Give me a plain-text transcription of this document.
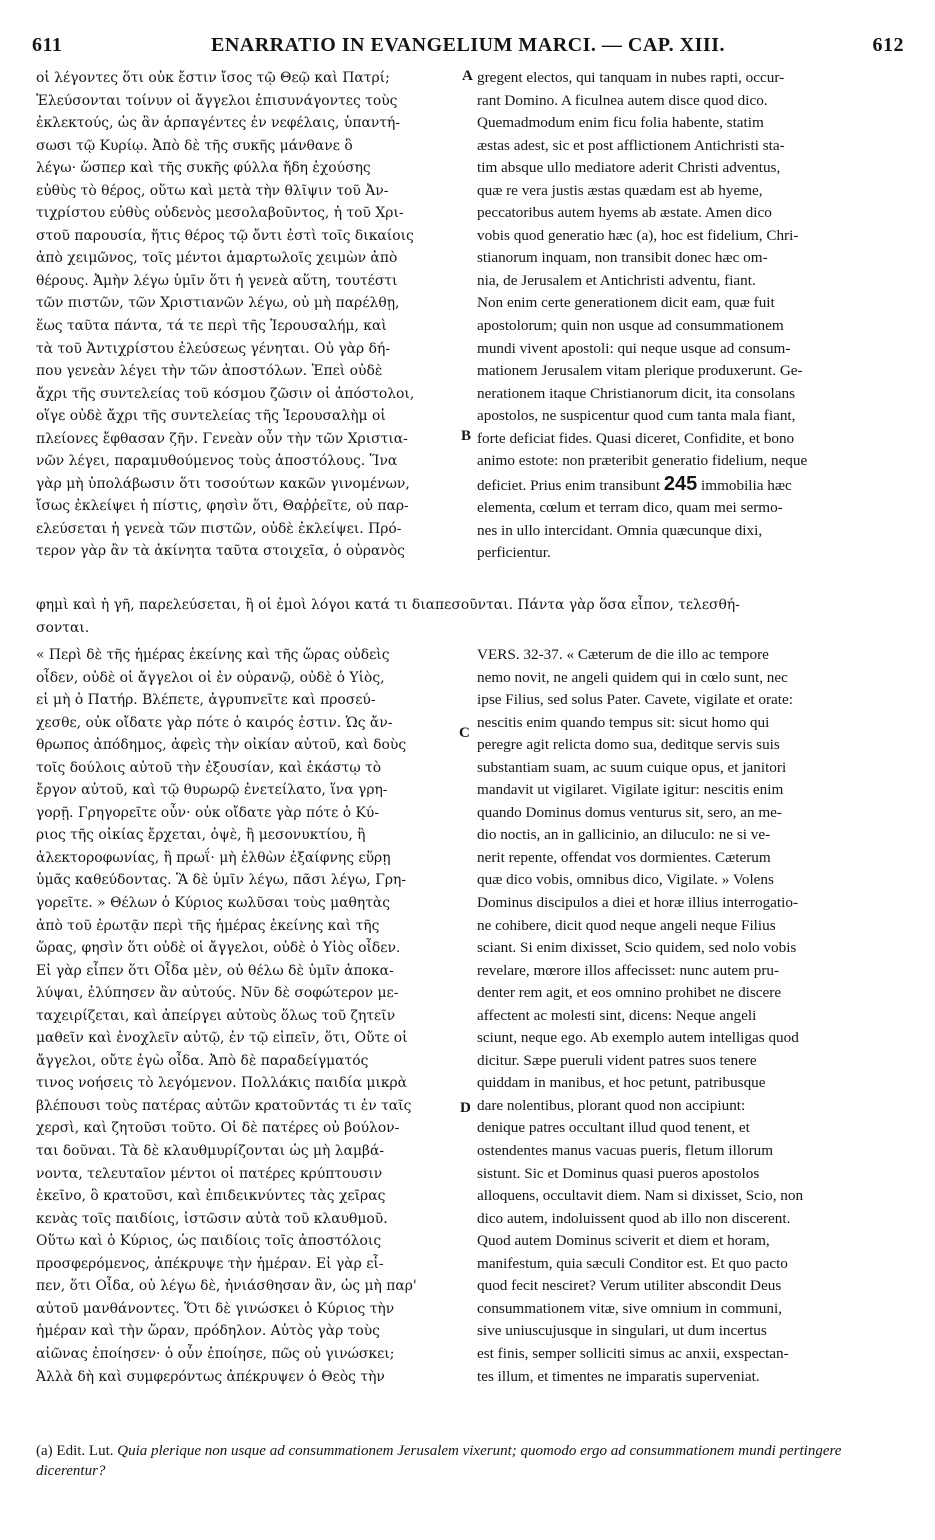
611	ENARRATIO IN EVANGELIUM MARCI. — CAP. XIII.	612
A
B
C
D
οἱ λέγοντες ὅτι οὐκ ἔστιν ἴσος τῷ Θεῷ καὶ Πατρί;
Ἐλεύσονται τοίνυν οἱ ἄγγελοι ἐπισυνάγοντες τοὺς
ἐκλεκτούς, ὡς ἂν ἁρπαγέντες ἐν νεφέλαις, ὑπαντή-
σωσι τῷ Κυρίῳ. Ἀπὸ δὲ τῆς συκῆς μάνθανε ὃ
λέγω· ὥσπερ καὶ τῆς συκῆς φύλλα ἤδη ἐχούσης
εὐθὺς τὸ θέρος, οὕτω καὶ μετὰ τὴν θλῖψιν τοῦ Ἀν-
τιχρίστου εὐθὺς οὐδενὸς μεσολαβοῦντος, ἡ τοῦ Χρι-
στοῦ παρουσία, ἥτις θέρος τῷ ὄντι ἐστὶ τοῖς δικαίοις
ἀπὸ χειμῶνος, τοῖς μέντοι ἁμαρτωλοῖς χειμὼν ἀπὸ
θέρους. Ἀμὴν λέγω ὑμῖν ὅτι ἡ γενεὰ αὕτη, τουτέστι
τῶν πιστῶν, τῶν Χριστιανῶν λέγω, οὐ μὴ παρέλθῃ,
ἕως ταῦτα πάντα, τά τε περὶ τῆς Ἱερουσαλήμ, καὶ
τὰ τοῦ Ἀντιχρίστου ἐλεύσεως γένηται. Οὐ γὰρ δή-
που γενεὰν λέγει τὴν τῶν ἀποστόλων. Ἐπεὶ οὐδὲ
ἄχρι τῆς συντελείας τοῦ κόσμου ζῶσιν οἱ ἀπόστολοι,
οἵγε οὐδὲ ἄχρι τῆς συντελείας τῆς Ἱερουσαλὴμ οἱ
πλείονες ἔφθασαν ζῆν. Γενεὰν οὖν τὴν τῶν Χριστια-
νῶν λέγει, παραμυθούμενος τοὺς ἀποστόλους. Ἵνα
γὰρ μὴ ὑπολάβωσιν ὅτι τοσούτων κακῶν γινομένων,
ἴσως ἐκλείψει ἡ πίστις, φησὶν ὅτι, Θαῤῥεῖτε, οὐ παρ-
ελεύσεται ἡ γενεὰ τῶν πιστῶν, οὐδὲ ἐκλείψει. Πρό-
τερον γὰρ ἂν τὰ ἀκίνητα ταῦτα στοιχεῖα, ὁ οὐρανὸς
gregent electos, qui tanquam in nubes rapti, occur-
rant Domino. A ficulnea autem disce quod dico.
Quemadmodum enim ficu folia habente, statim
æstas adest, sic et post afflictionem Antichristi sta-
tim absque ullo mediatore aderit Christi adventus,
quæ re vera justis æstas quædam est ab hyeme,
peccatoribus autem hyems ab æstate. Amen dico
vobis quod generatio hæc (a), hoc est fidelium, Chri-
stianorum inquam, non transibit donec hæc om-
nia, de Jerusalem et Antichristi adventu, fiant.
Non enim certe generationem dicit eam, quæ fuit
apostolorum; quin non usque ad consummationem
mundi vivent apostoli: qui neque usque ad consum-
mationem Jerusalem vitam plerique produxerunt. Ge-
nerationem itaque Christianorum dicit, ita consolans
apostolos, ne suspicentur quod cum tanta mala fiant,
forte deficiat fides. Quasi diceret, Confidite, et bono
animo estote: non præteribit generatio fidelium, neque
deficiet. Prius enim transibunt 245 immobilia hæc
elementa, cœlum et terram dico, quam mei sermo-
nes in ullo intercidant. Omnia quæcunque dixi,
perficientur.
φημὶ καὶ ἡ γῆ, παρελεύσεται, ἢ οἱ ἐμοὶ λόγοι κατά τι διαπεσοῦνται. Πάντα γὰρ ὅσα εἶπον, τελεσθή-
σονται.
« Περὶ δὲ τῆς ἡμέρας ἐκείνης καὶ τῆς ὥρας οὐδεὶς
οἶδεν, οὐδὲ οἱ ἄγγελοι οἱ ἐν οὐρανῷ, οὐδὲ ὁ Υἱὸς,
εἰ μὴ ὁ Πατήρ. Βλέπετε, ἀγρυπνεῖτε καὶ προσεύ-
χεσθε, οὐκ οἴδατε γὰρ πότε ὁ καιρός ἐστιν. Ὡς ἄν-
θρωπος ἀπόδημος, ἀφεὶς τὴν οἰκίαν αὐτοῦ, καὶ δοὺς
τοῖς δούλοις αὐτοῦ τὴν ἐξουσίαν, καὶ ἑκάστῳ τὸ
ἔργον αὐτοῦ, καὶ τῷ θυρωρῷ ἐνετείλατο, ἵνα γρη-
γορῇ. Γρηγορεῖτε οὖν· οὐκ οἴδατε γὰρ πότε ὁ Κύ-
ριος τῆς οἰκίας ἔρχεται, ὀψὲ, ἢ μεσονυκτίου, ἢ
ἀλεκτοροφωνίας, ἢ πρωΐ· μὴ ἐλθὼν ἐξαίφνης εὕρῃ
ὑμᾶς καθεύδοντας. Ἃ δὲ ὑμῖν λέγω, πᾶσι λέγω, Γρη-
γορεῖτε. » Θέλων ὁ Κύριος κωλῦσαι τοὺς μαθητὰς
ἀπὸ τοῦ ἐρωτᾷν περὶ τῆς ἡμέρας ἐκείνης καὶ τῆς
ὥρας, φησὶν ὅτι οὐδὲ οἱ ἄγγελοι, οὐδὲ ὁ Υἱὸς οἶδεν.
Εἰ γὰρ εἶπεν ὅτι Οἶδα μὲν, οὐ θέλω δὲ ὑμῖν ἀποκα-
λύψαι, ἐλύπησεν ἂν αὐτούς. Νῦν δὲ σοφώτερον με-
ταχειρίζεται, καὶ ἀπείργει αὐτοὺς ὅλως τοῦ ζητεῖν
μαθεῖν καὶ ἐνοχλεῖν αὐτῷ, ἐν τῷ εἰπεῖν, ὅτι, Οὔτε οἱ
ἄγγελοι, οὔτε ἐγὼ οἶδα. Ἀπὸ δὲ παραδείγματός
τινος νοήσεις τὸ λεγόμενον. Πολλάκις παιδία μικρὰ
βλέπουσι τοὺς πατέρας αὐτῶν κρατοῦντάς τι ἐν ταῖς
χερσὶ, καὶ ζητοῦσι τοῦτο. Οἱ δὲ πατέρες οὐ βούλον-
ται δοῦναι. Τὰ δὲ κλαυθμυρίζονται ὡς μὴ λαμβά-
νοντα, τελευταῖον μέντοι οἱ πατέρες κρύπτουσιν
ἐκεῖνο, ὃ κρατοῦσι, καὶ ἐπιδεικνύντες τὰς χεῖρας
κενὰς τοῖς παιδίοις, ἱστῶσιν αὐτὰ τοῦ κλαυθμοῦ.
Οὕτω καὶ ὁ Κύριος, ὡς παιδίοις τοῖς ἀποστόλοις
προσφερόμενος, ἀπέκρυψε τὴν ἡμέραν. Εἰ γὰρ εἶ-
πεν, ὅτι Οἶδα, οὐ λέγω δὲ, ἠνιάσθησαν ἂν, ὡς μὴ παρ'
αὐτοῦ μανθάνοντες. Ὅτι δὲ γινώσκει ὁ Κύριος τὴν
ἡμέραν καὶ τὴν ὥραν, πρόδηλον. Αὐτὸς γὰρ τοὺς
αἰῶνας ἐποίησεν· ὁ οὖν ἐποίησε, πῶς οὐ γινώσκει;
Ἀλλὰ δὴ καὶ συμφερόντως ἀπέκρυψεν ὁ Θεὸς τὴν
VERS. 32-37. « Cæterum de die illo ac tempore
nemo novit, ne angeli quidem qui in cœlo sunt, nec
ipse Filius, sed solus Pater. Cavete, vigilate et orate:
nescitis enim quando tempus sit: sicut homo qui
peregre agit relicta domo sua, deditque servis suis
substantiam suam, ac suum cuique opus, et janitori
mandavit ut vigilaret. Vigilate igitur: nescitis enim
quando Dominus domus venturus sit, sero, an me-
dio noctis, an in gallicinio, an diluculo: ne si ve-
nerit repente, offendat vos dormientes. Cæterum
quæ dico vobis, omnibus dico, Vigilate. » Volens
Dominus discipulos a diei et horæ illius interrogatio-
ne cohibere, dicit quod neque angeli neque Filius
sciant. Si enim dixisset, Scio quidem, sed nolo vobis
revelare, mœrore illos affecisset: nunc autem pru-
denter rem agit, et eos omnino prohibet ne discere
affectent ac molesti sint, dicens: Neque angeli
sciunt, neque ego. Ab exemplo autem intelligas quod
dicitur. Sæpe pueruli vident patres suos tenere
quiddam in manibus, et hoc petunt, patribusque
dare nolentibus, plorant quod non accipiunt:
denique patres occultant illud quod tenent, et
ostendentes manus vacuas pueris, fletum illorum
sistunt. Sic et Dominus quasi pueros apostolos
alloquens, occultavit diem. Nam si dixisset, Scio, non
dico autem, indoluissent quod ab illo non discerent.
Quod autem Dominus sciverit et diem et horam,
manifestum, quia sæculi Conditor est. Et quo pacto
quod fecit nesciret? Verum utiliter abscondit Deus
consummationem vitæ, sive omnium in communi,
sive uniuscujusque in singulari, ut dum incertus
est finis, semper solliciti simus ac anxii, exspectan-
tes illum, et timentes ne imparatis superveniat.
(a) Edit. Lut. Quia plerique non usque ad consummationem Jerusalem vixerunt; quomodo ergo ad consummationem mundi pertingere dicerentur?
